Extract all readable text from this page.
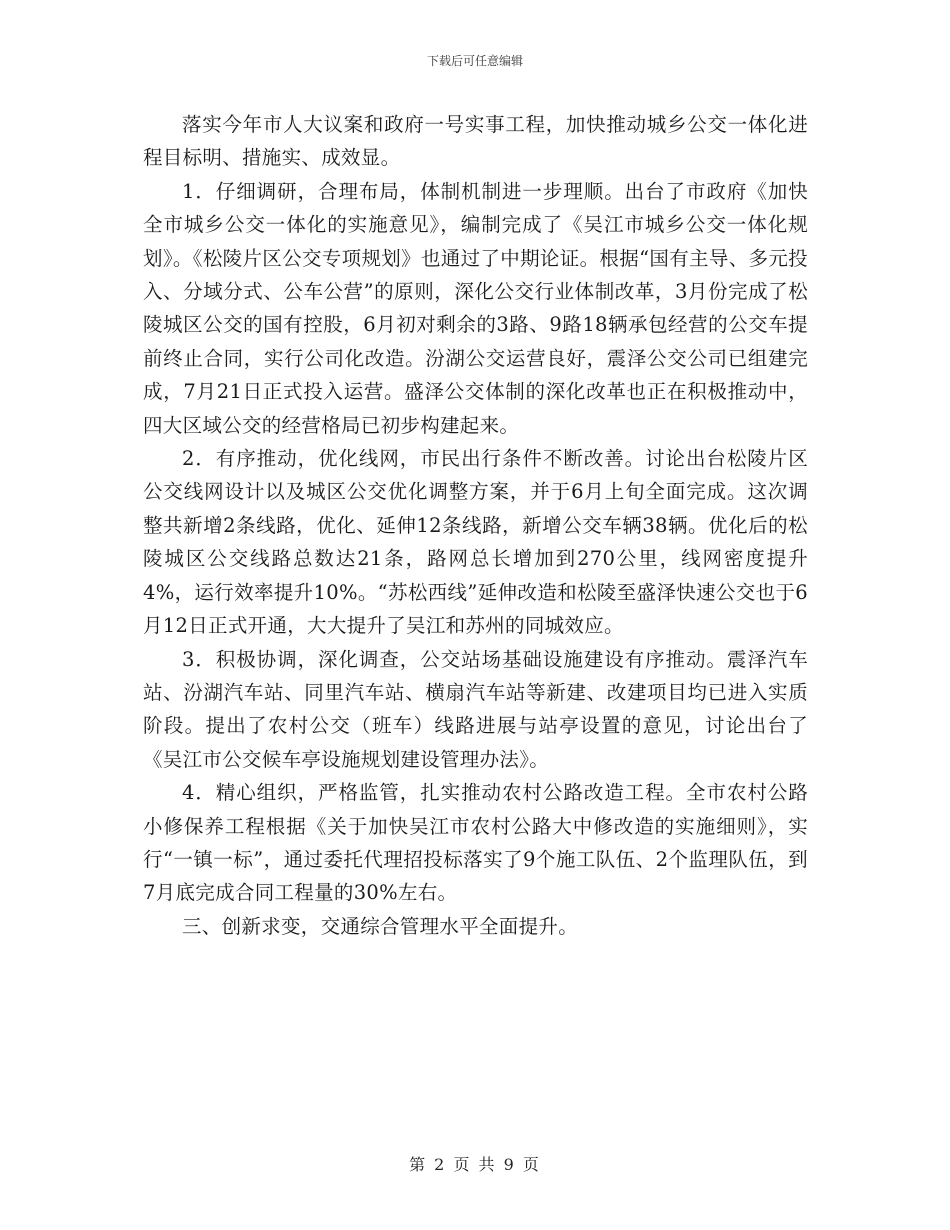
下载后可任意编辑

落实今年市人大议案和政府一号实事工程，加快推动城乡公交一体化进程目标明、措施实、成效显。

1．仔细调研，合理布局，体制机制进一步理顺。出台了市政府《加快全市城乡公交一体化的实施意见》，编制完成了《吴江市城乡公交一体化规划》。《松陵片区公交专项规划》也通过了中期论证。根据“国有主导、多元投入、分域分式、公车公营”的原则，深化公交行业体制改革，3月份完成了松陵城区公交的国有控股，6月初对剩余的3路、9路18辆承包经营的公交车提前终止合同，实行公司化改造。汾湖公交运营良好，震泽公交公司已组建完成，7月21日正式投入运营。盛泽公交体制的深化改革也正在积极推动中，四大区域公交的经营格局已初步构建起来。

2．有序推动，优化线网，市民出行条件不断改善。讨论出台松陵片区公交线网设计以及城区公交优化调整方案，并于6月上旬全面完成。这次调整共新增2条线路，优化、延伸12条线路，新增公交车辆38辆。优化后的松陵城区公交线路总数达21条，路网总长增加到270公里，线网密度提升4%，运行效率提升10%。“苏松西线”延伸改造和松陵至盛泽快速公交也于6月12日正式开通，大大提升了吴江和苏州的同城效应。

3．积极协调，深化调查，公交站场基础设施建设有序推动。震泽汽车站、汾湖汽车站、同里汽车站、横扇汽车站等新建、改建项目均已进入实质阶段。提出了农村公交（班车）线路进展与站亭设置的意见，讨论出台了《吴江市公交候车亭设施规划建设管理办法》。

4．精心组织，严格监管，扎实推动农村公路改造工程。全市农村公路小修保养工程根据《关于加快吴江市农村公路大中修改造的实施细则》，实行“一镇一标”，通过委托代理招投标落实了9个施工队伍、2个监理队伍，到7月底完成合同工程量的30%左右。

三、创新求变，交通综合管理水平全面提升。

第 2 页 共 9 页
